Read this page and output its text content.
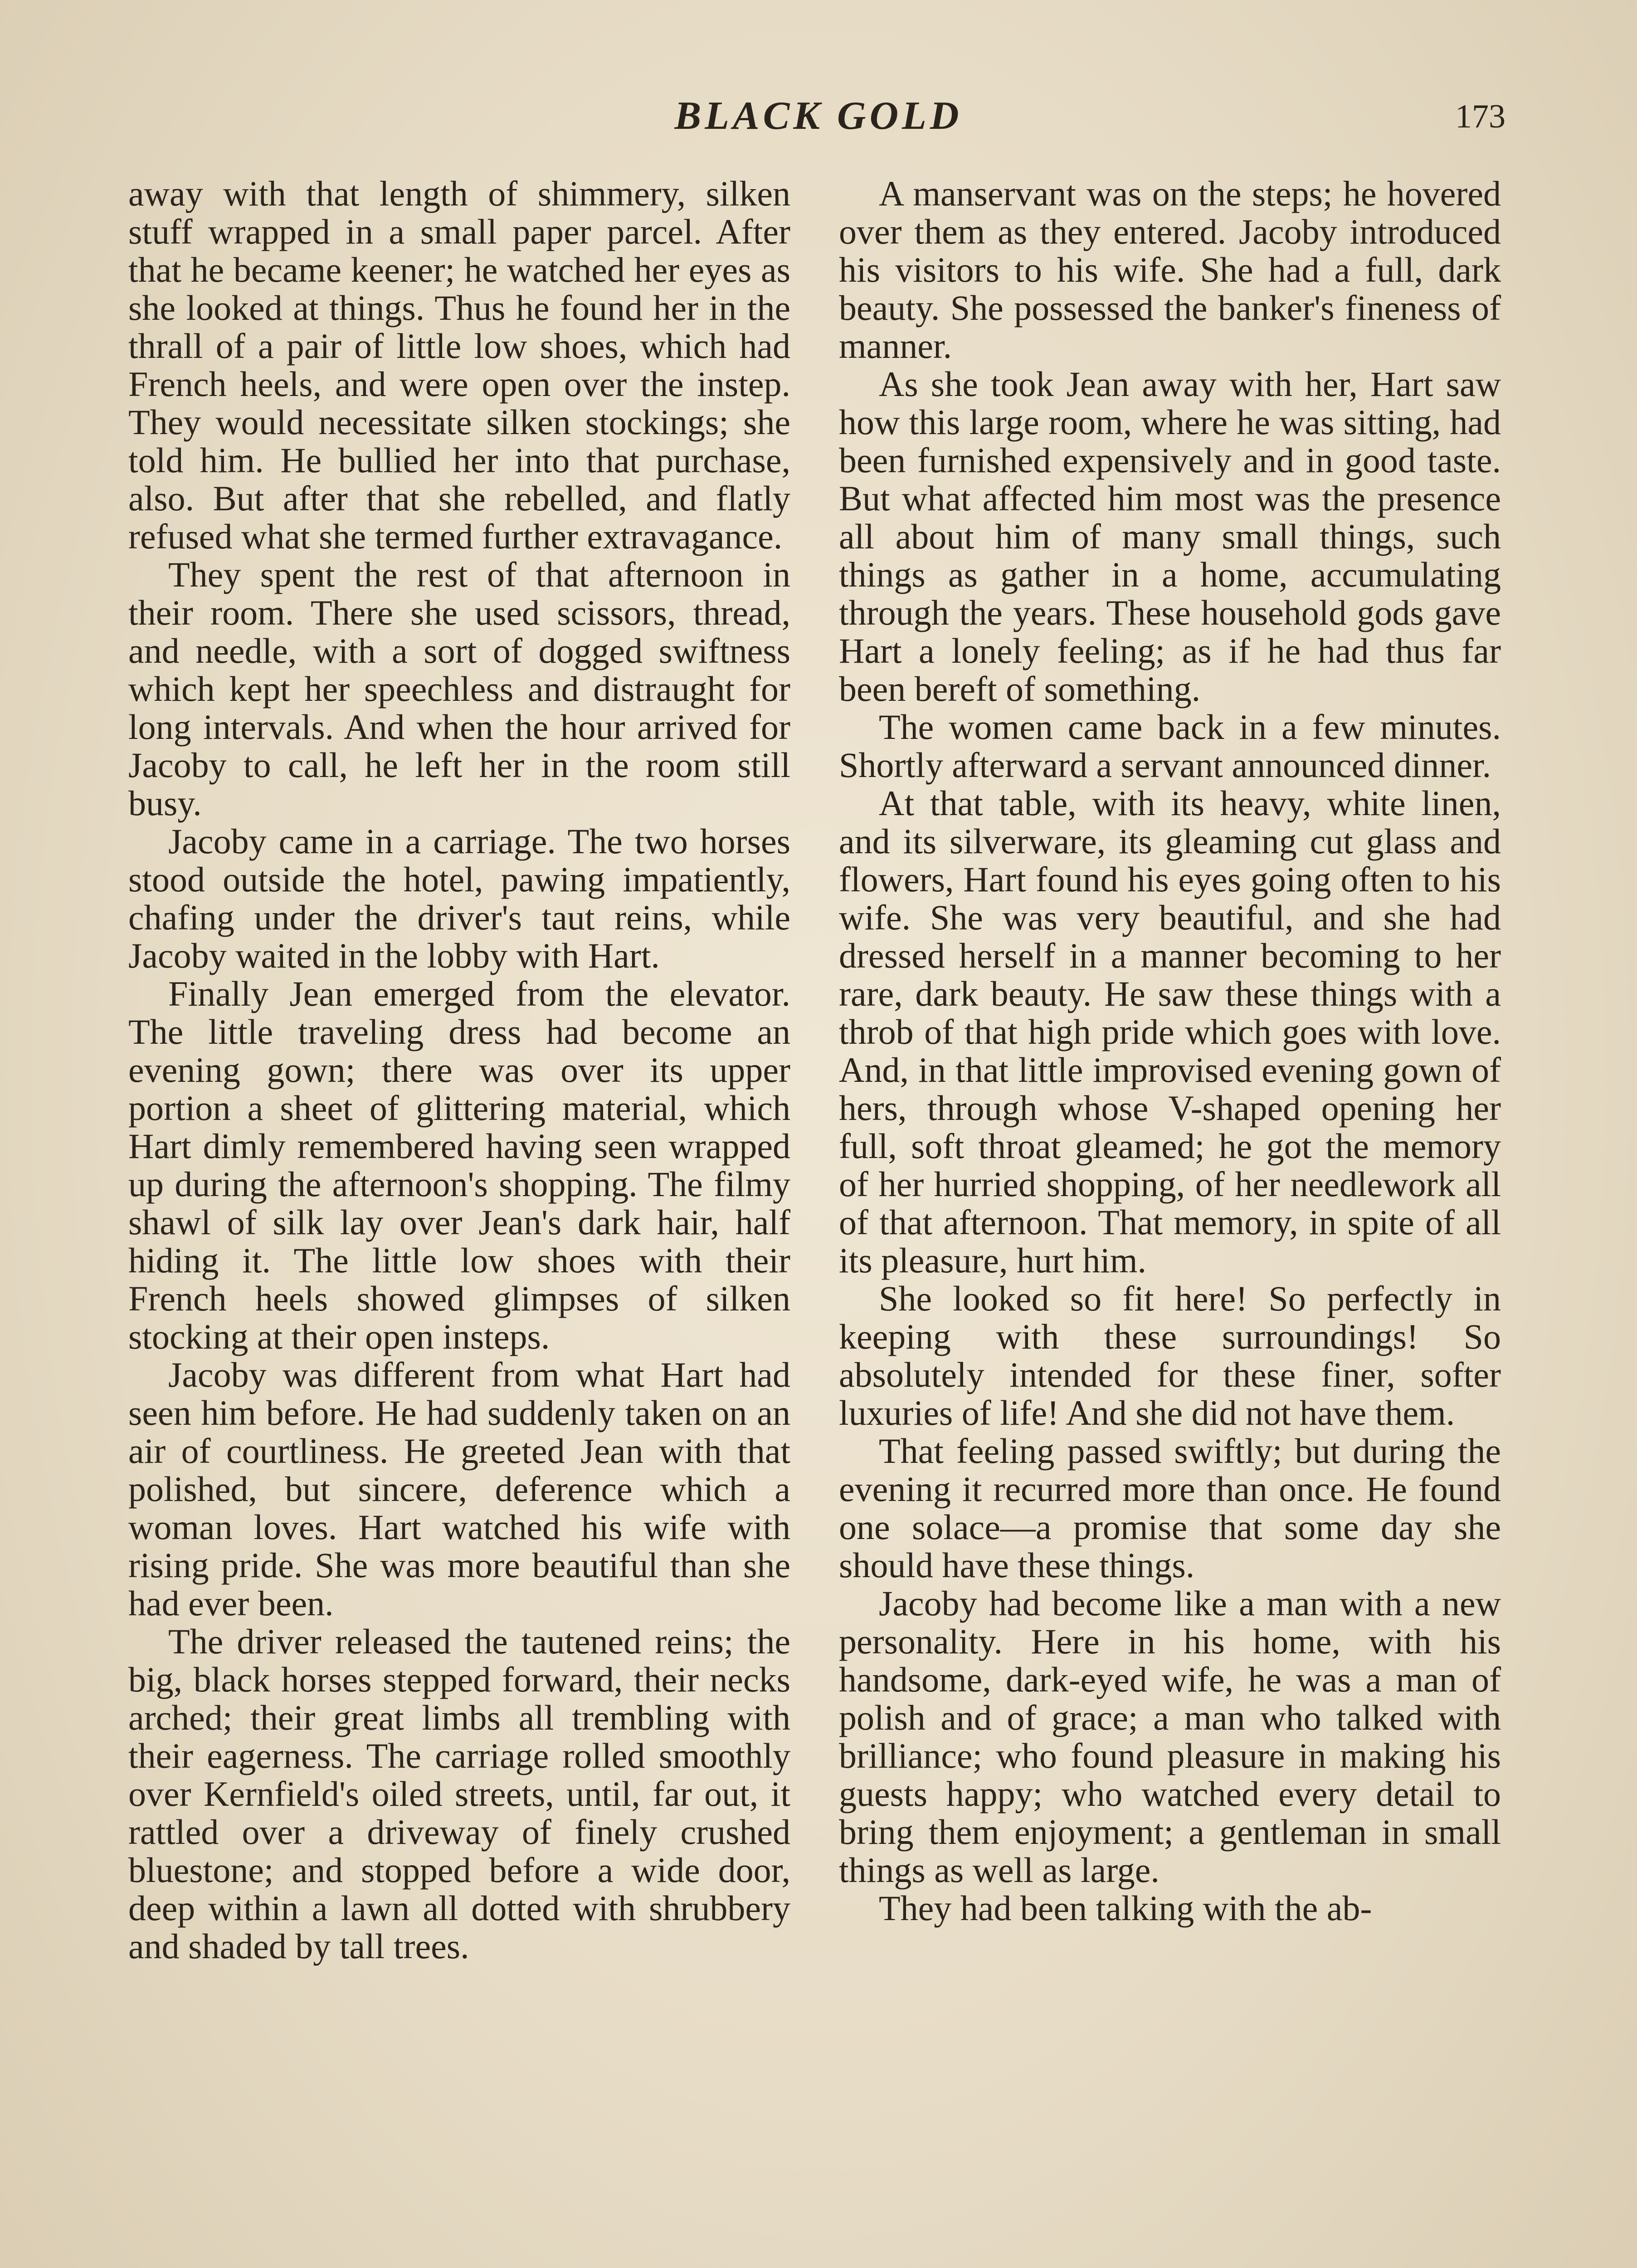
BLACK GOLD	173

away with that length of shimmery, silken stuff wrapped in a small paper parcel. After that he became keener; he watched her eyes as she looked at things. Thus he found her in the thrall of a pair of little low shoes, which had French heels, and were open over the instep. They would necessitate silken stockings; she told him. He bullied her into that purchase, also. But after that she rebelled, and flatly refused what she termed further extravagance.

They spent the rest of that afternoon in their room. There she used scissors, thread, and needle, with a sort of dogged swiftness which kept her speechless and distraught for long intervals. And when the hour arrived for Jacoby to call, he left her in the room still busy.

Jacoby came in a carriage. The two horses stood outside the hotel, pawing impatiently, chafing under the driver's taut reins, while Jacoby waited in the lobby with Hart.

Finally Jean emerged from the elevator. The little traveling dress had become an evening gown; there was over its upper portion a sheet of glittering material, which Hart dimly remembered having seen wrapped up during the afternoon's shopping. The filmy shawl of silk lay over Jean's dark hair, half hiding it. The little low shoes with their French heels showed glimpses of silken stocking at their open insteps.

Jacoby was different from what Hart had seen him before. He had suddenly taken on an air of courtliness. He greeted Jean with that polished, but sincere, deference which a woman loves. Hart watched his wife with rising pride. She was more beautiful than she had ever been.

The driver released the tautened reins; the big, black horses stepped forward, their necks arched; their great limbs all trembling with their eagerness. The carriage rolled smoothly over Kernfield's oiled streets, until, far out, it rattled over a driveway of finely crushed bluestone; and stopped before a wide door, deep within a lawn all dotted with shrubbery and shaded by tall trees.

A manservant was on the steps; he hovered over them as they entered. Jacoby introduced his visitors to his wife. She had a full, dark beauty. She possessed the banker's fineness of manner.

As she took Jean away with her, Hart saw how this large room, where he was sitting, had been furnished expensively and in good taste. But what affected him most was the presence all about him of many small things, such things as gather in a home, accumulating through the years. These household gods gave Hart a lonely feeling; as if he had thus far been bereft of something.

The women came back in a few minutes. Shortly afterward a servant announced dinner.

At that table, with its heavy, white linen, and its silverware, its gleaming cut glass and flowers, Hart found his eyes going often to his wife. She was very beautiful, and she had dressed herself in a manner becoming to her rare, dark beauty. He saw these things with a throb of that high pride which goes with love. And, in that little improvised evening gown of hers, through whose V-shaped opening her full, soft throat gleamed; he got the memory of her hurried shopping, of her needlework all of that afternoon. That memory, in spite of all its pleasure, hurt him.

She looked so fit here! So perfectly in keeping with these surroundings! So absolutely intended for these finer, softer luxuries of life! And she did not have them.

That feeling passed swiftly; but during the evening it recurred more than once. He found one solace—a promise that some day she should have these things.

Jacoby had become like a man with a new personality. Here in his home, with his handsome, dark-eyed wife, he was a man of polish and of grace; a man who talked with brilliance; who found pleasure in making his guests happy; who watched every detail to bring them enjoyment; a gentleman in small things as well as large.

They had been talking with the ab-
